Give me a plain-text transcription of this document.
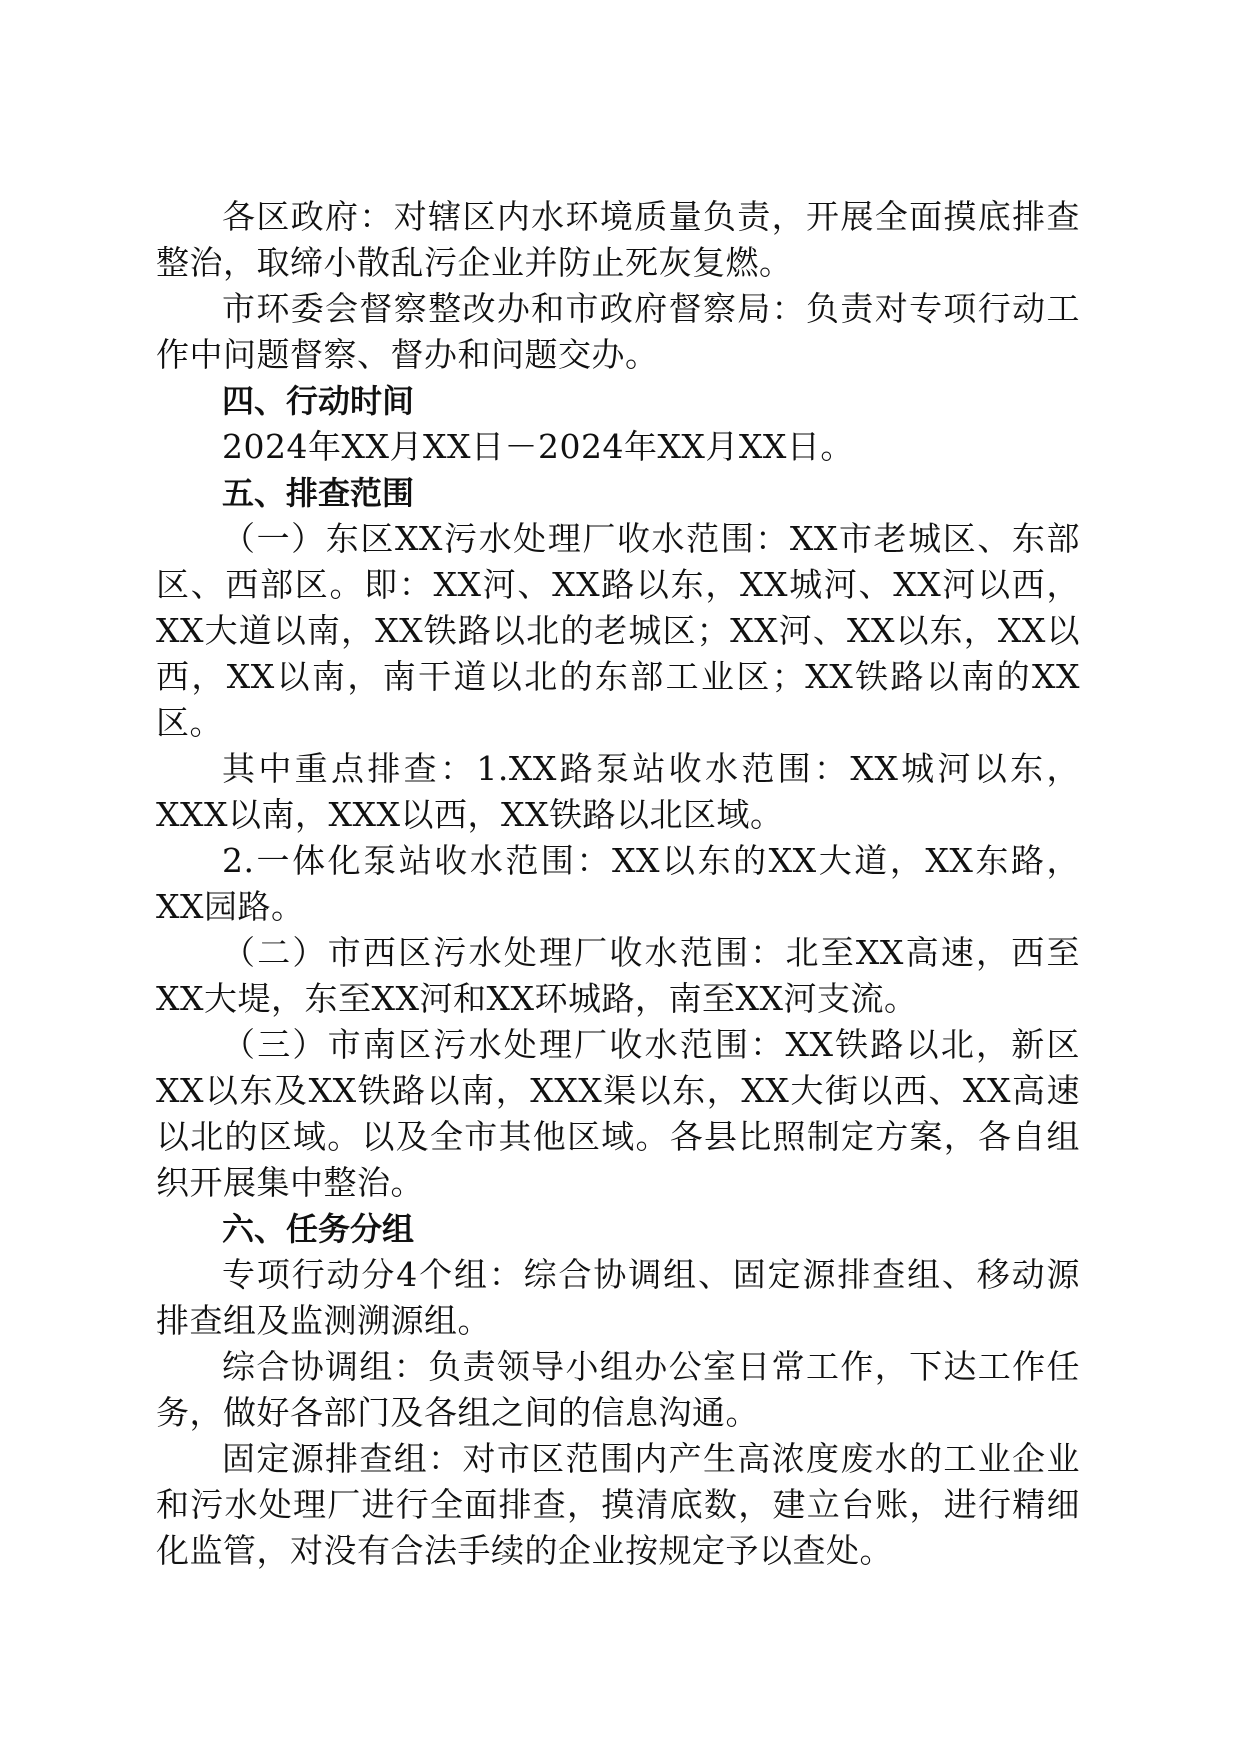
各区政府：对辖区内水环境质量负责，开展全面摸底排查整治，取缔小散乱污企业并防止死灰复燃。

市环委会督察整改办和市政府督察局：负责对专项行动工作中问题督察、督办和问题交办。

四、行动时间

2024年XX月XX日－2024年XX月XX日。

五、排查范围

（一）东区XX污水处理厂收水范围：XX市老城区、东部区、西部区。即：XX河、XX路以东，XX城河、XX河以西，XX大道以南，XX铁路以北的老城区；XX河、XX以东，XX以西，XX以南，南干道以北的东部工业区；XX铁路以南的XX区。

其中重点排查：1.XX路泵站收水范围：XX城河以东，XXX以南，XXX以西，XX铁路以北区域。

2.一体化泵站收水范围：XX以东的XX大道，XX东路，XX园路。

（二）市西区污水处理厂收水范围：北至XX高速，西至XX大堤，东至XX河和XX环城路，南至XX河支流。

（三）市南区污水处理厂收水范围：XX铁路以北，新区XX以东及XX铁路以南，XXX渠以东，XX大街以西、XX高速以北的区域。以及全市其他区域。各县比照制定方案，各自组织开展集中整治。

六、任务分组

专项行动分4个组：综合协调组、固定源排查组、移动源排查组及监测溯源组。

综合协调组：负责领导小组办公室日常工作，下达工作任务，做好各部门及各组之间的信息沟通。

固定源排查组：对市区范围内产生高浓度废水的工业企业和污水处理厂进行全面排查，摸清底数，建立台账，进行精细化监管，对没有合法手续的企业按规定予以查处。
